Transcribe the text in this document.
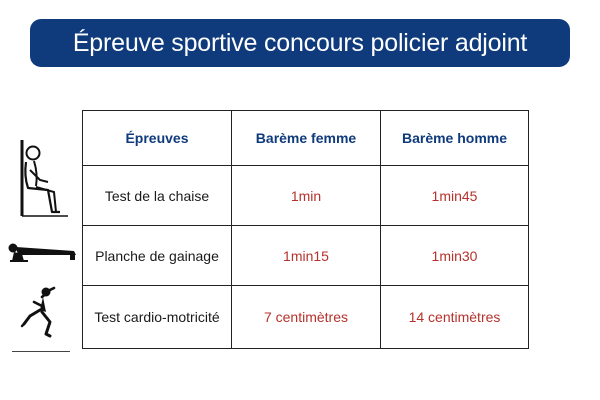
Épreuve sportive concours policier adjoint
Épreuves	Barème femme	Barème homme
Test de la chaise	1min	1min45
Planche de gainage	1min15	1min30
Test cardio-motricité	7 centimètres	14 centimètres
